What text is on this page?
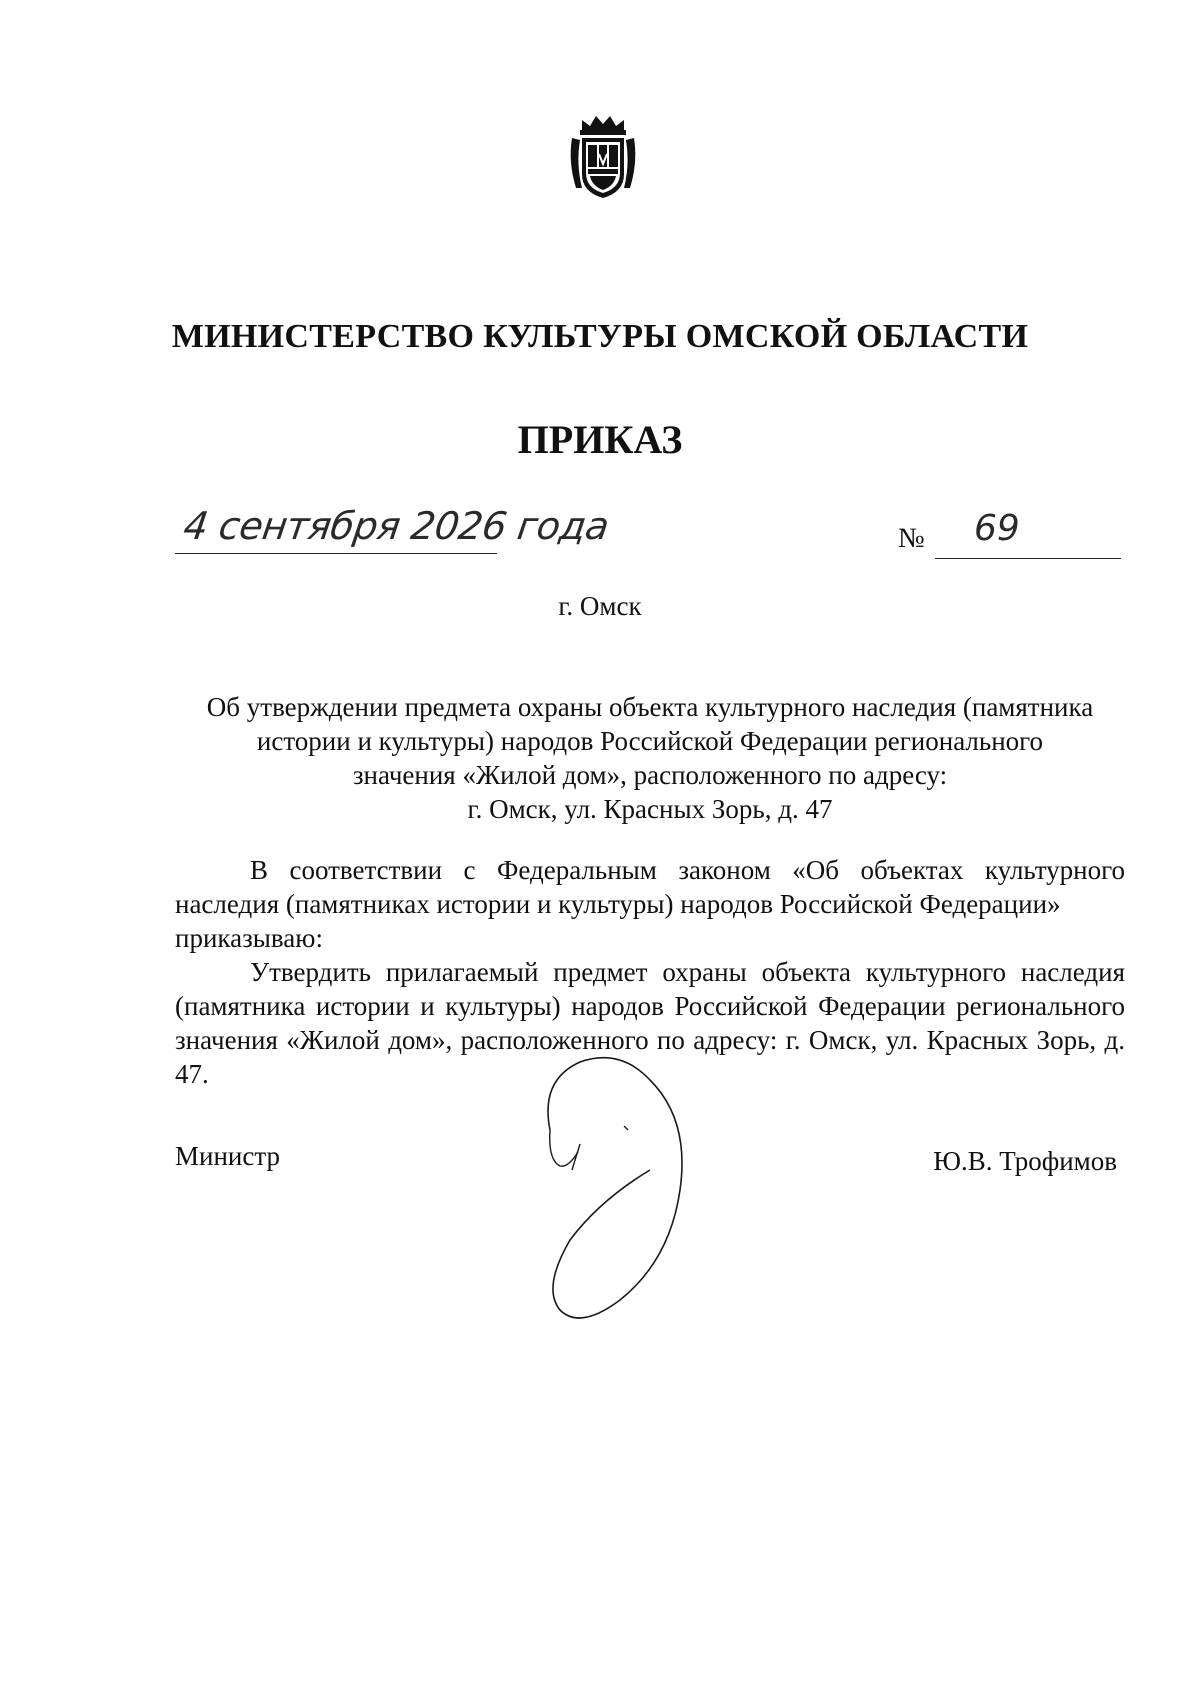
МИНИСТЕРСТВО КУЛЬТУРЫ ОМСКОЙ ОБЛАСТИ
ПРИКАЗ
4 сентября 2026 года	№ 69
г. Омск
Об утверждении предмета охраны объекта культурного наследия (памятника
истории и культуры) народов Российской Федерации регионального
значения «Жилой дом», расположенного по адресу:
г. Омск, ул. Красных Зорь, д. 47

В соответствии с Федеральным законом «Об объектах культурного наследия (памятниках истории и культуры) народов Российской Федерации»

приказываю:

Утвердить прилагаемый предмет охраны объекта культурного наследия (памятника истории и культуры) народов Российской Федерации регионального значения «Жилой дом», расположенного по адресу: г. Омск, ул. Красных Зорь, д. 47.

Министр	Ю.В. Трофимов
